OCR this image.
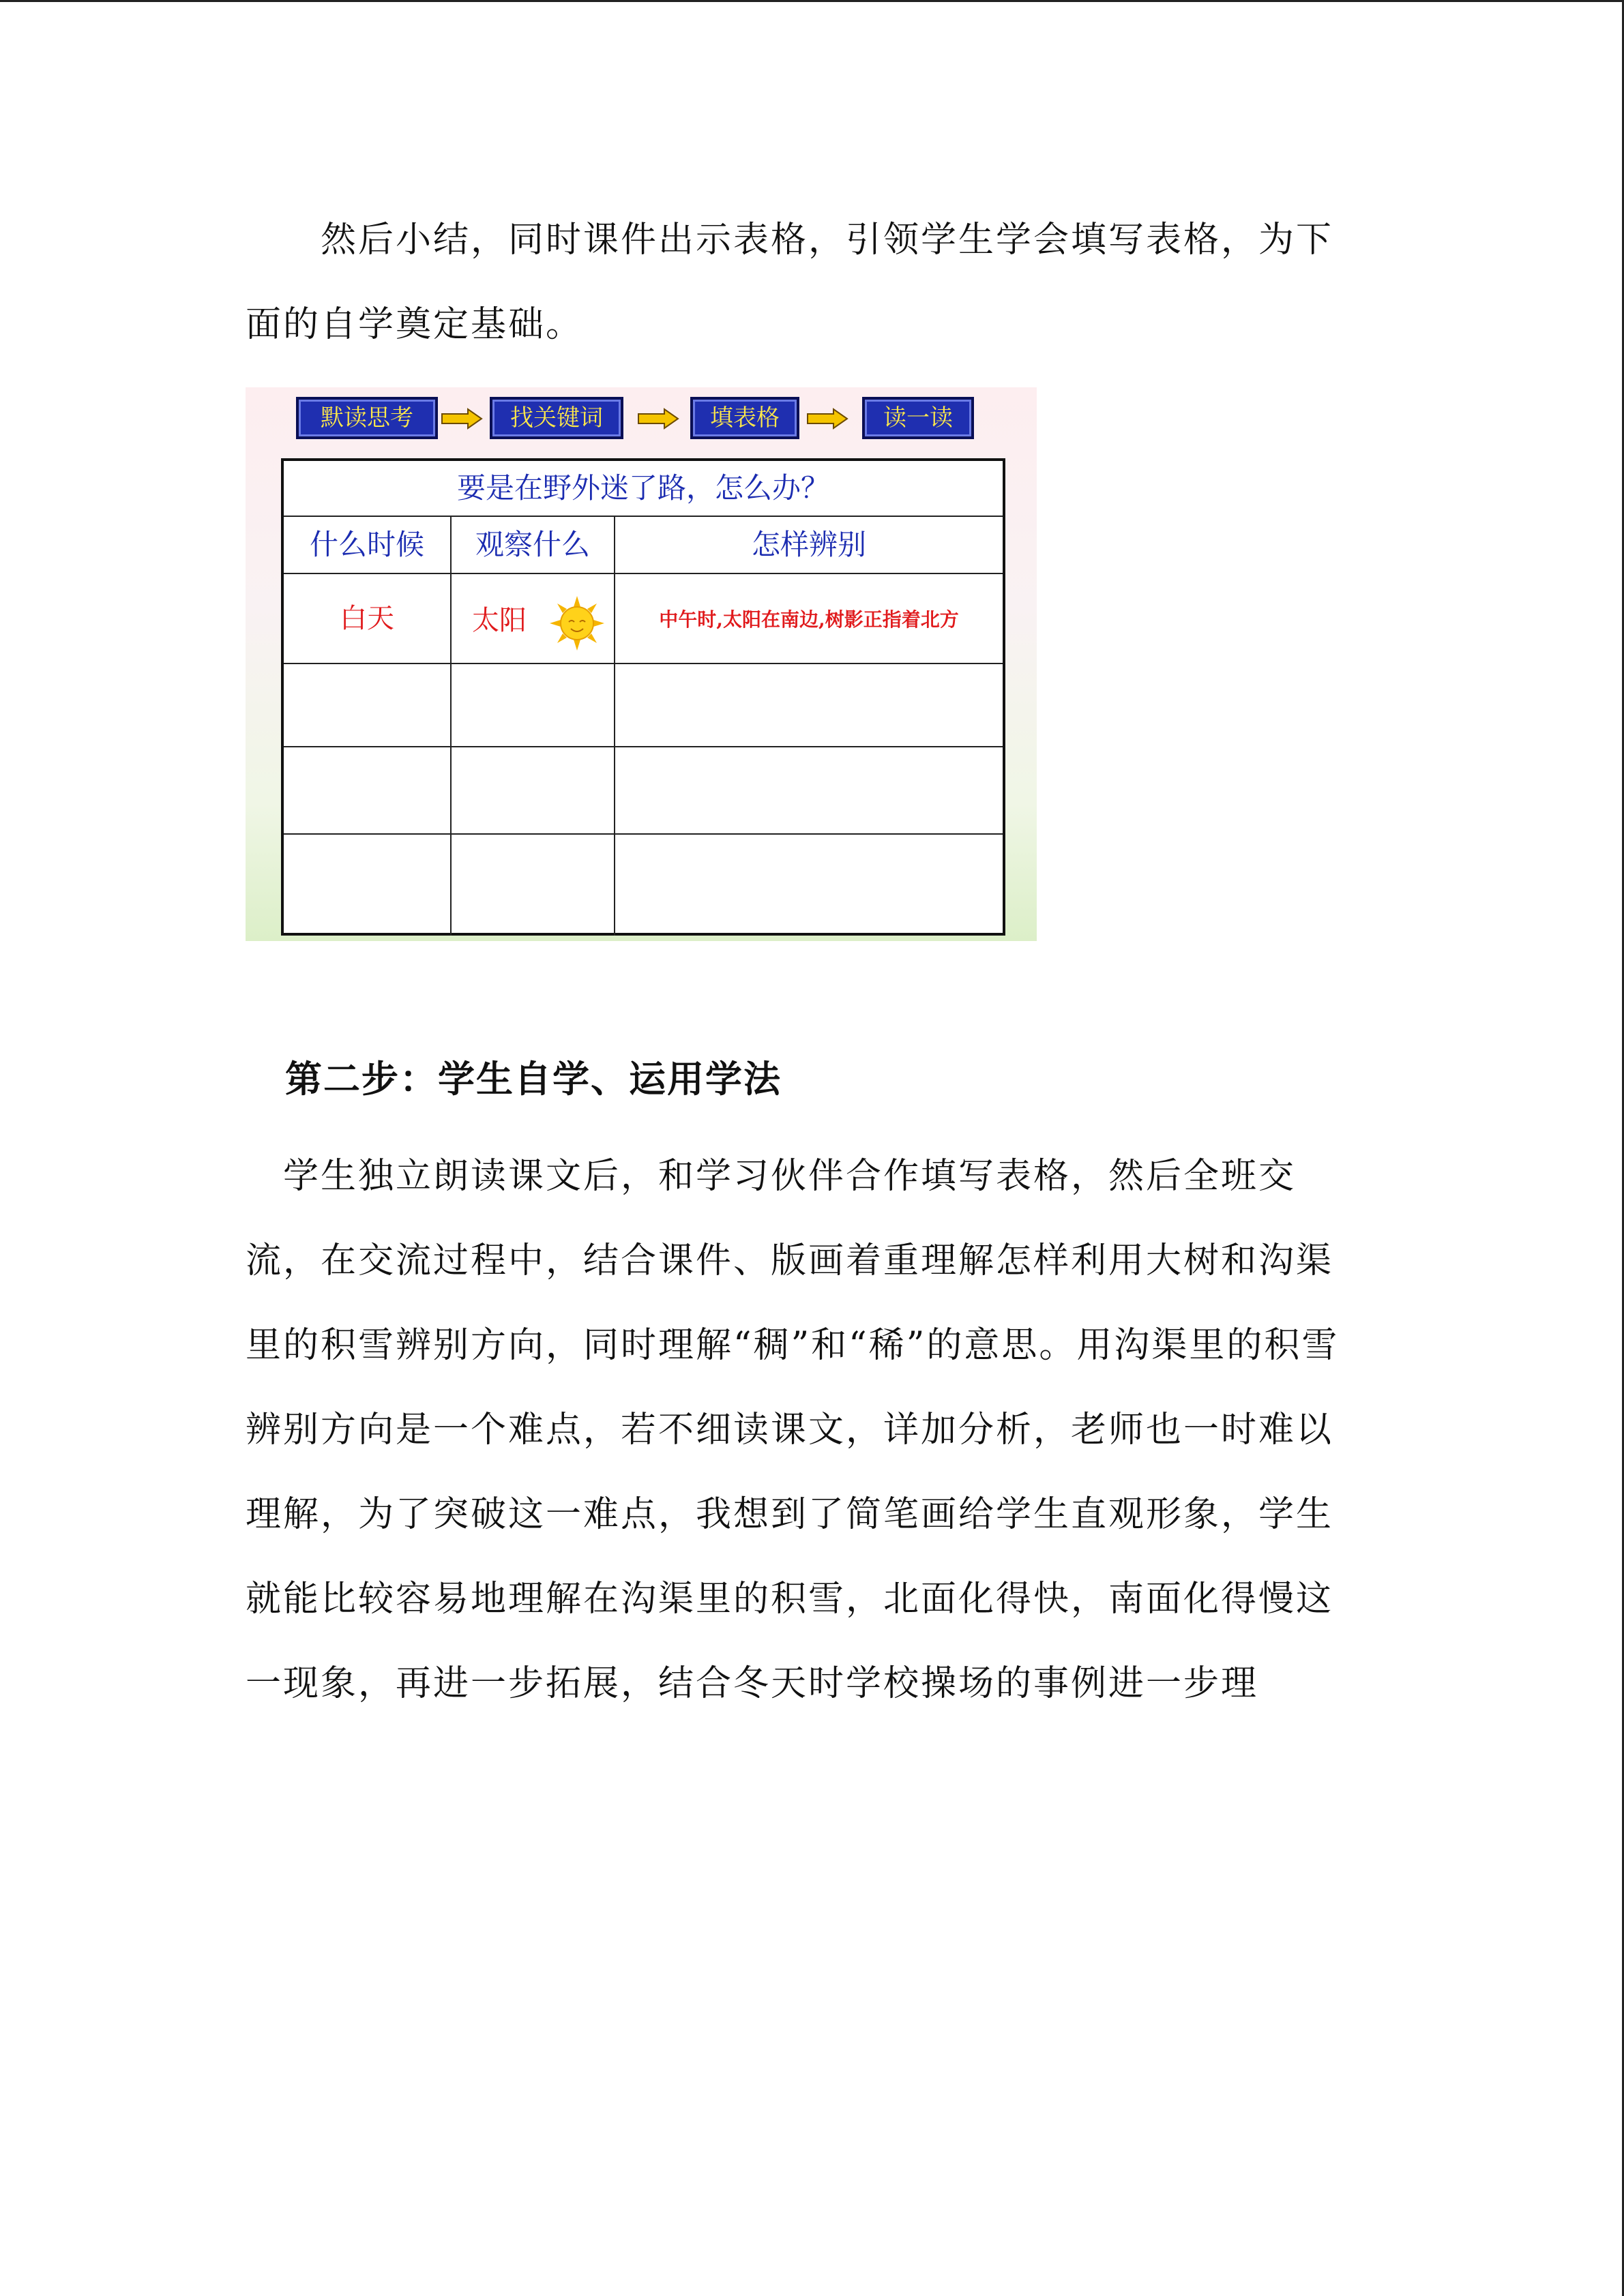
　　然后小结，同时课件出示表格，引领学生学会填写表格，为下面的自学奠定基础。
默读思考	找关键词	填表格	读一读
要是在野外迷了路，怎么办？
什么时候	观察什么	怎样辨别
白天	太阳	中午时,太阳在南边,树影正指着北方
第二步：学生自学、运用学法
　学生独立朗读课文后，和学习伙伴合作填写表格，然后全班交流，在交流过程中，结合课件、版画着重理解怎样利用大树和沟渠里的积雪辨别方向，同时理解“稠”和“稀”的意思。用沟渠里的积雪辨别方向是一个难点，若不细读课文，详加分析，老师也一时难以理解，为了突破这一难点，我想到了简笔画给学生直观形象，学生就能比较容易地理解在沟渠里的积雪，北面化得快，南面化得慢这一现象，再进一步拓展，结合冬天时学校操场的事例进一步理
